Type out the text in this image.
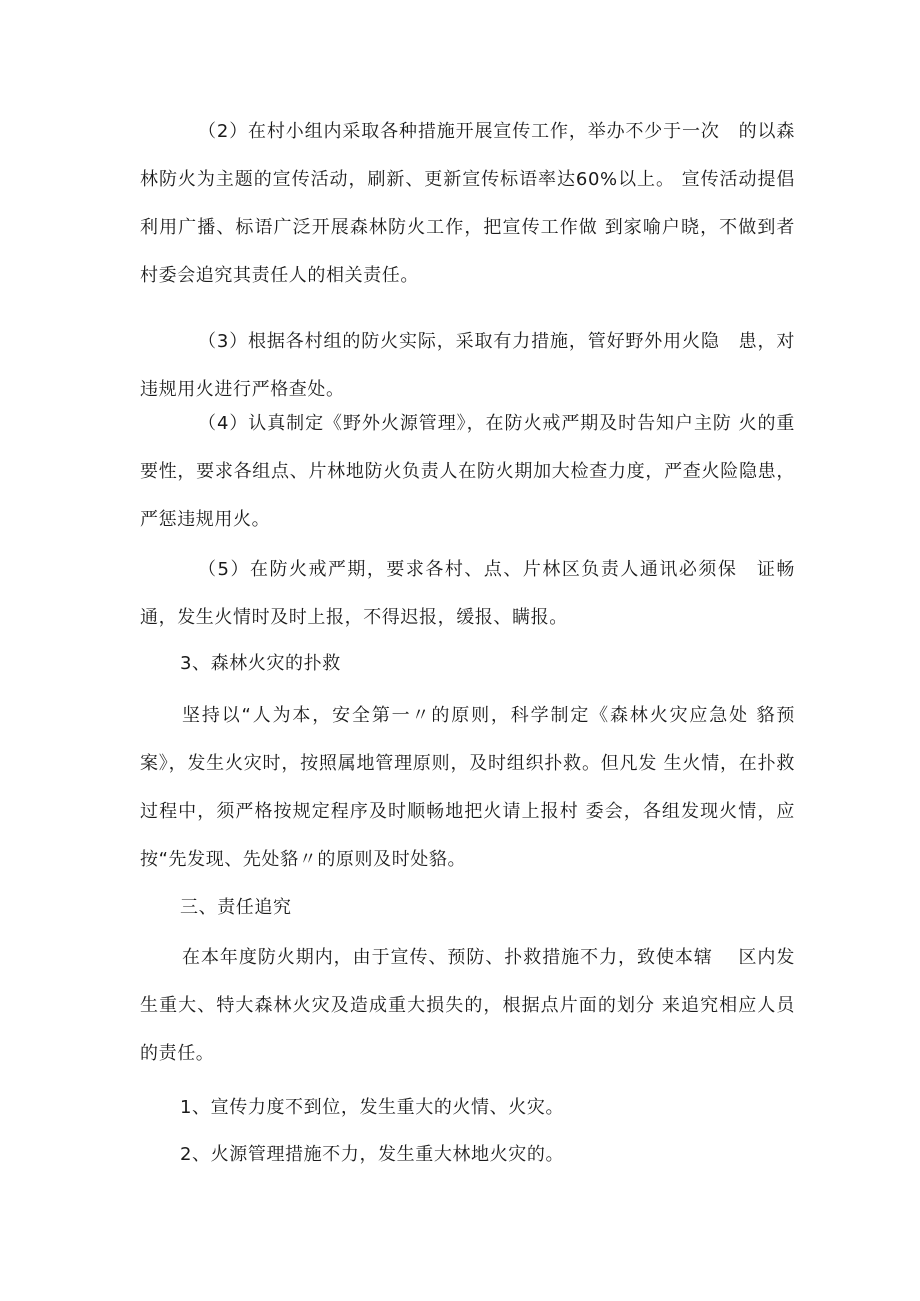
（2）在村小组内采取各种措施开展宣传工作，举办不少于一次　的以森林防火为主题的宣传活动，刷新、更新宣传标语率达60%以上。 宣传活动提倡利用广播、标语广泛开展森林防火工作，把宣传工作做 到家喻户晓，不做到者村委会追究其责任人的相关责任。

（3）根据各村组的防火实际，采取有力措施，管好野外用火隐　患，对违规用火进行严格查处。

（4）认真制定《野外火源管理》，在防火戒严期及时告知户主防 火的重要性，要求各组点、片林地防火负责人在防火期加大检查力度，严查火险隐患，严惩违规用火。

（5）在防火戒严期，要求各村、点、片林区负责人通讯必须保　证畅通，发生火情时及时上报，不得迟报，缓报、瞒报。

3、森林火灾的扑救

坚持以“人为本，安全第一〃的原则，科学制定《森林火灾应急处 貉预案》，发生火灾时，按照属地管理原则，及时组织扑救。但凡发 生火情，在扑救过程中，须严格按规定程序及时顺畅地把火请上报村 委会，各组发现火情，应按“先发现、先处貉〃的原则及时处貉。

三、责任追究

在本年度防火期内，由于宣传、预防、扑救措施不力，致使本辖　 区内发生重大、特大森林火灾及造成重大损失的，根据点片面的划分 来追究相应人员的责任。

1、宣传力度不到位，发生重大的火情、火灾。

2、火源管理措施不力，发生重大林地火灾的。
